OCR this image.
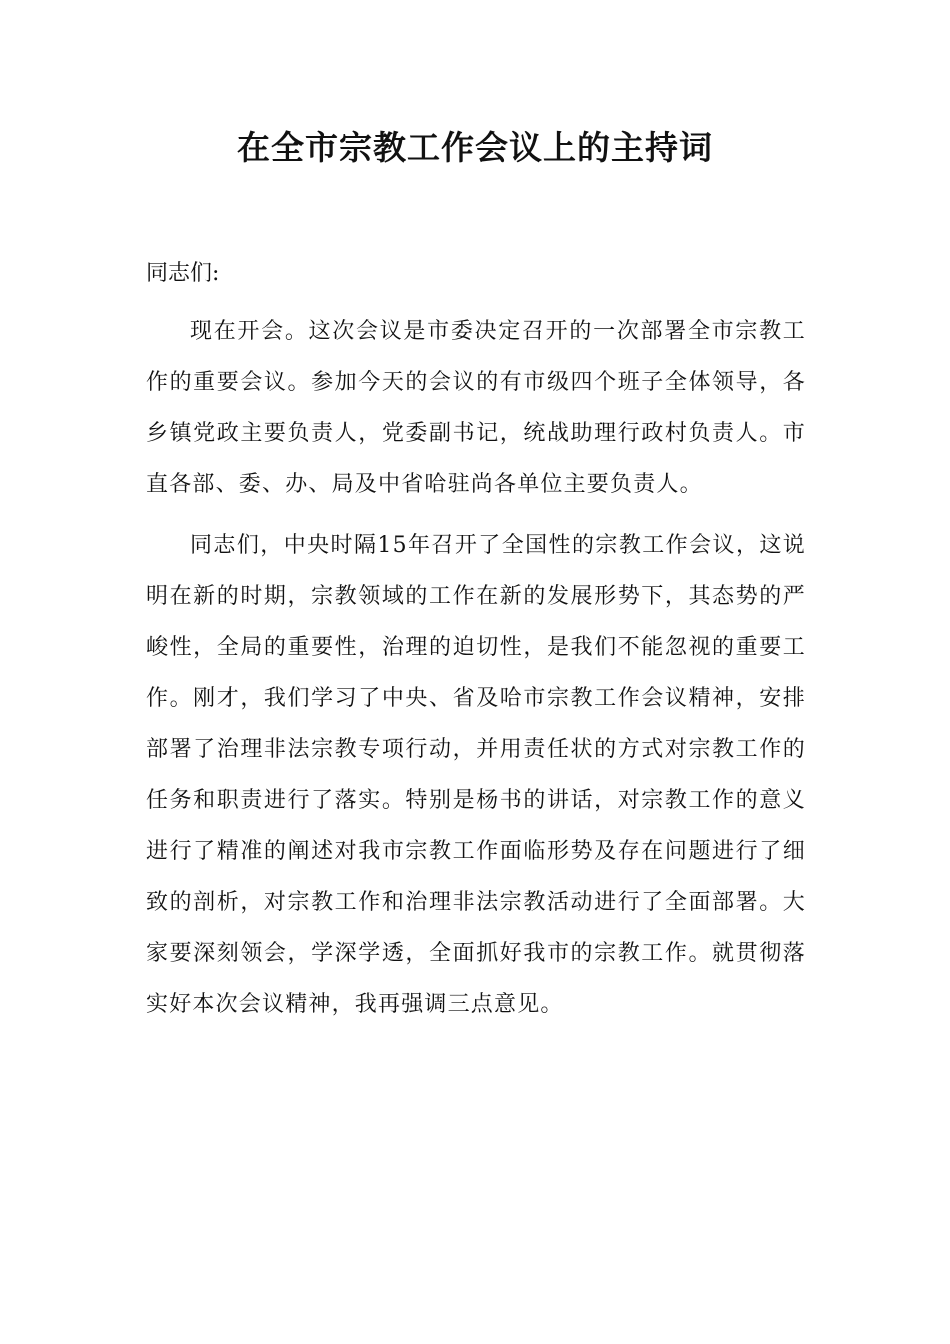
在全市宗教工作会议上的主持词

同志们:

现在开会。这次会议是市委决定召开的一次部署全市宗教工作的重要会议。参加今天的会议的有市级四个班子全体领导，各乡镇党政主要负责人，党委副书记，统战助理行政村负责人。市直各部、委、办、局及中省哈驻尚各单位主要负责人。

同志们，中央时隔15年召开了全国性的宗教工作会议，这说明在新的时期，宗教领域的工作在新的发展形势下，其态势的严峻性，全局的重要性，治理的迫切性，是我们不能忽视的重要工作。刚才，我们学习了中央、省及哈市宗教工作会议精神，安排部署了治理非法宗教专项行动，并用责任状的方式对宗教工作的任务和职责进行了落实。特别是杨书的讲话，对宗教工作的意义进行了精准的阐述对我市宗教工作面临形势及存在问题进行了细致的剖析，对宗教工作和治理非法宗教活动进行了全面部署。大家要深刻领会，学深学透，全面抓好我市的宗教工作。就贯彻落实好本次会议精神，我再强调三点意见。
